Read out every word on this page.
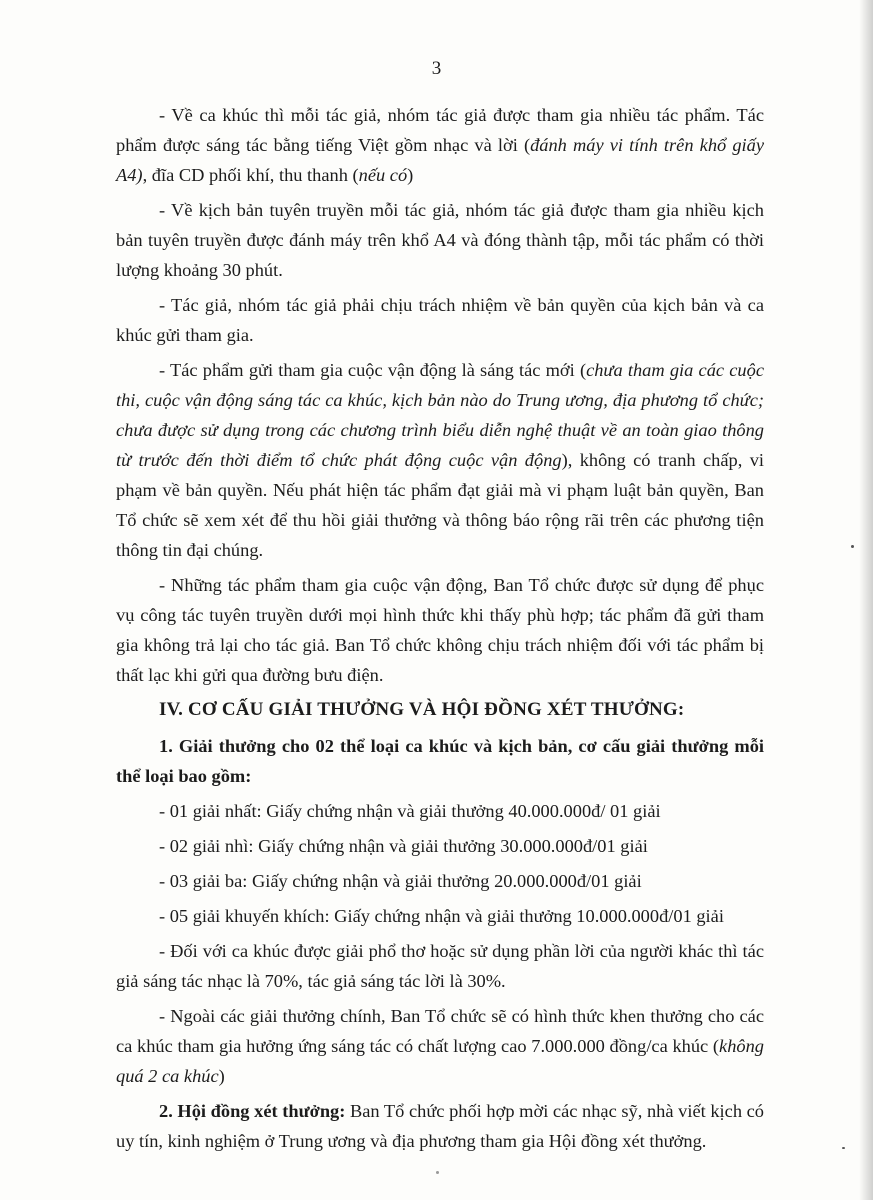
3

- Về ca khúc thì mỗi tác giả, nhóm tác giả được tham gia nhiều tác phẩm. Tác phẩm được sáng tác bằng tiếng Việt gồm nhạc và lời (đánh máy vi tính trên khổ giấy A4), đĩa CD phối khí, thu thanh (nếu có)

- Về kịch bản tuyên truyền mỗi tác giả, nhóm tác giả được tham gia nhiều kịch bản tuyên truyền được đánh máy trên khổ A4 và đóng thành tập, mỗi tác phẩm có thời lượng khoảng 30 phút.

- Tác giả, nhóm tác giả phải chịu trách nhiệm về bản quyền của kịch bản và ca khúc gửi tham gia.

- Tác phẩm gửi tham gia cuộc vận động là sáng tác mới (chưa tham gia các cuộc thi, cuộc vận động sáng tác ca khúc, kịch bản nào do Trung ương, địa phương tổ chức; chưa được sử dụng trong các chương trình biểu diễn nghệ thuật về an toàn giao thông từ trước đến thời điểm tổ chức phát động cuộc vận động), không có tranh chấp, vi phạm về bản quyền. Nếu phát hiện tác phẩm đạt giải mà vi phạm luật bản quyền, Ban Tổ chức sẽ xem xét để thu hồi giải thưởng và thông báo rộng rãi trên các phương tiện thông tin đại chúng.

- Những tác phẩm tham gia cuộc vận động, Ban Tổ chức được sử dụng để phục vụ công tác tuyên truyền dưới mọi hình thức khi thấy phù hợp; tác phẩm đã gửi tham gia không trả lại cho tác giả. Ban Tổ chức không chịu trách nhiệm đối với tác phẩm bị thất lạc khi gửi qua đường bưu điện.

IV. CƠ CẤU GIẢI THƯỞNG VÀ HỘI ĐỒNG XÉT THƯỞNG:

1. Giải thưởng cho 02 thể loại ca khúc và kịch bản, cơ cấu giải thưởng mỗi thể loại bao gồm:

- 01 giải nhất: Giấy chứng nhận và giải thưởng 40.000.000đ/ 01 giải

- 02 giải nhì: Giấy chứng nhận và giải thưởng 30.000.000đ/01 giải

- 03 giải ba: Giấy chứng nhận và giải thưởng 20.000.000đ/01 giải

- 05 giải khuyến khích: Giấy chứng nhận và giải thưởng 10.000.000đ/01 giải

- Đối với ca khúc được giải phổ thơ hoặc sử dụng phần lời của người khác thì tác giả sáng tác nhạc là 70%, tác giả sáng tác lời là 30%.

- Ngoài các giải thưởng chính, Ban Tổ chức sẽ có hình thức khen thưởng cho các ca khúc tham gia hưởng ứng sáng tác có chất lượng cao 7.000.000 đồng/ca khúc (không quá 2 ca khúc)

2. Hội đồng xét thưởng: Ban Tổ chức phối hợp mời các nhạc sỹ, nhà viết kịch có uy tín, kinh nghiệm ở Trung ương và địa phương tham gia Hội đồng xét thưởng.
